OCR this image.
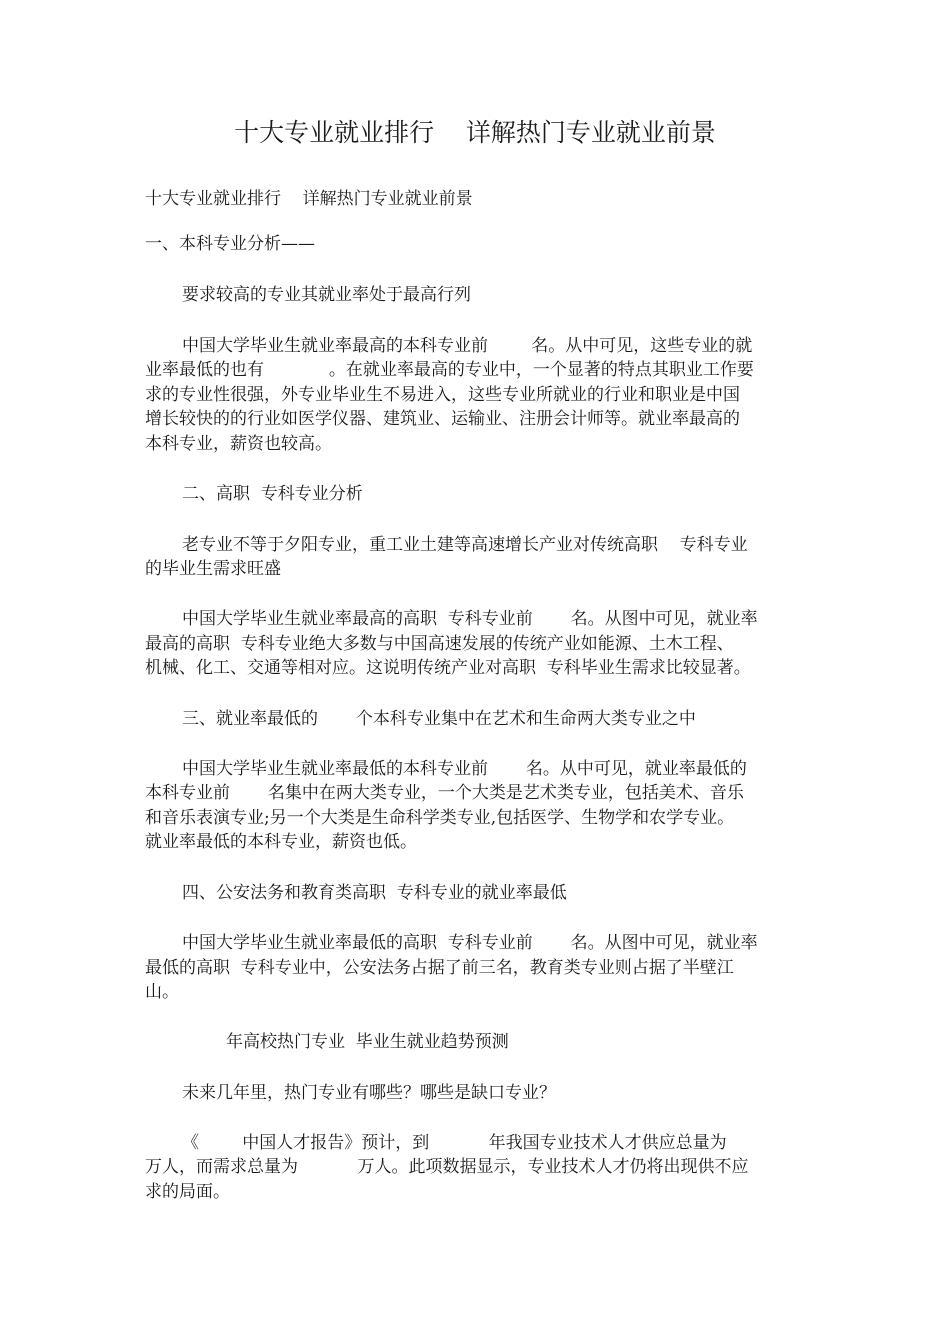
十大专业就业排行    详解热门专业就业前景
十大专业就业排行    详解热门专业就业前景
一、本科专业分析——
要求较高的专业其就业率处于最高行列
中国大学毕业生就业率最高的本科专业前        名。从中可见，这些专业的就
业率最低的也有            。在就业率最高的专业中，一个显著的特点其职业工作要
求的专业性很强，外专业毕业生不易进入，这些专业所就业的行业和职业是中国
增长较快的的行业如医学仪器、建筑业、运输业、注册会计师等。就业率最高的
本科专业，薪资也较高。
二、高职  专科专业分析
老专业不等于夕阳专业，重工业土建等高速增长产业对传统高职    专科专业
的毕业生需求旺盛
中国大学毕业生就业率最高的高职  专科专业前       名。从图中可见，就业率
最高的高职  专科专业绝大多数与中国高速发展的传统产业如能源、土木工程、
机械、化工、交通等相对应。这说明传统产业对高职  专科毕业生需求比较显著。
三、就业率最低的       个本科专业集中在艺术和生命两大类专业之中
中国大学毕业生就业率最低的本科专业前       名。从中可见，就业率最低的
本科专业前       名集中在两大类专业，一个大类是艺术类专业，包括美术、音乐
和音乐表演专业;另一个大类是生命科学类专业,包括医学、生物学和农学专业。
就业率最低的本科专业，薪资也低。
四、公安法务和教育类高职  专科专业的就业率最低
中国大学毕业生就业率最低的高职  专科专业前       名。从图中可见，就业率
最低的高职  专科专业中，公安法务占据了前三名，教育类专业则占据了半壁江
山。
年高校热门专业  毕业生就业趋势预测
未来几年里，热门专业有哪些？哪些是缺口专业？
《        中国人才报告》预计，到           年我国专业技术人才供应总量为
万人，而需求总量为           万人。此项数据显示，专业技术人才仍将出现供不应
求的局面。
